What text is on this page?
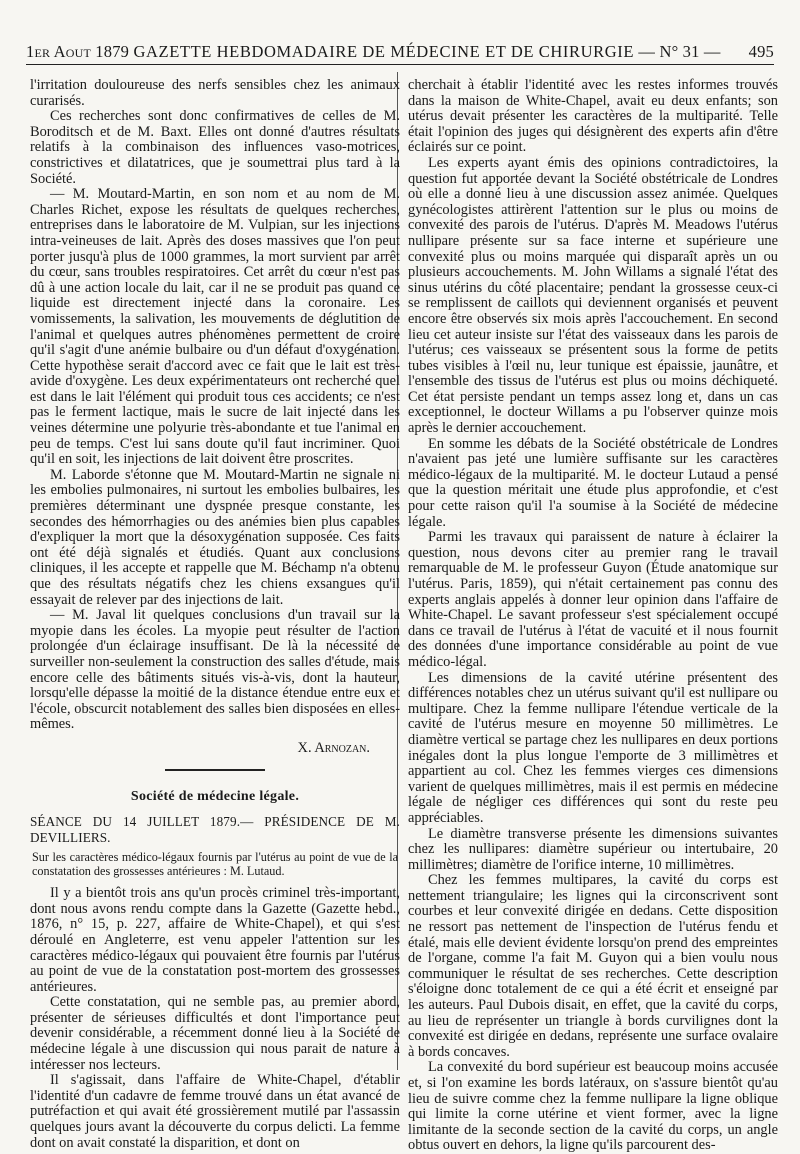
1er Aout 1879 GAZETTE HEBDOMADAIRE DE MÉDECINE ET DE CHIRURGIE — N° 31 — 495

l'irritation douloureuse des nerfs sensibles chez les animaux curarisés.

Ces recherches sont donc confirmatives de celles de M. Boroditsch et de M. Baxt. Elles ont donné d'autres résultats relatifs à la combinaison des influences vaso-motrices, constrictives et dilatatrices, que je soumettrai plus tard à la Société.

— M. Moutard-Martin, en son nom et au nom de M. Charles Richet, expose les résultats de quelques recherches, entreprises dans le laboratoire de M. Vulpian, sur les injections intra-veineuses de lait. Après des doses massives que l'on peut porter jusqu'à plus de 1000 grammes, la mort survient par arrêt du cœur, sans troubles respiratoires. Cet arrêt du cœur n'est pas dû à une action locale du lait, car il ne se produit pas quand ce liquide est directement injecté dans la coronaire. Les vomissements, la salivation, les mouvements de déglutition de l'animal et quelques autres phénomènes permettent de croire qu'il s'agit d'une anémie bulbaire ou d'un défaut d'oxygénation. Cette hypothèse serait d'accord avec ce fait que le lait est très-avide d'oxygène. Les deux expérimentateurs ont recherché quel est dans le lait l'élément qui produit tous ces accidents; ce n'est pas le ferment lactique, mais le sucre de lait injecté dans les veines détermine une polyurie très-abondante et tue l'animal en peu de temps. C'est lui sans doute qu'il faut incriminer. Quoi qu'il en soit, les injections de lait doivent être proscrites.

M. Laborde s'étonne que M. Moutard-Martin ne signale ni les embolies pulmonaires, ni surtout les embolies bulbaires, les premières déterminant une dyspnée presque constante, les secondes des hémorrhagies ou des anémies bien plus capables d'expliquer la mort que la désoxygénation supposée. Ces faits ont été déjà signalés et étudiés. Quant aux conclusions cliniques, il les accepte et rappelle que M. Béchamp n'a obtenu que des résultats négatifs chez les chiens exsangues qu'il essayait de relever par des injections de lait.

— M. Javal lit quelques conclusions d'un travail sur la myopie dans les écoles. La myopie peut résulter de l'action prolongée d'un éclairage insuffisant. De là la nécessité de surveiller non-seulement la construction des salles d'étude, mais encore celle des bâtiments situés vis-à-vis, dont la hauteur, lorsqu'elle dépasse la moitié de la distance étendue entre eux et l'école, obscurcit notablement des salles bien disposées en elles-mêmes.

X. Arnozan.

Société de médecine légale.

SÉANCE DU 14 JUILLET 1879.— PRÉSIDENCE DE M. DEVILLIERS.

Sur les caractères médico-légaux fournis par l'utérus au point de vue de la constatation des grossesses antérieures : M. Lutaud.

Il y a bientôt trois ans qu'un procès criminel très-important, dont nous avons rendu compte dans la Gazette (Gazette hebd., 1876, n° 15, p. 227, affaire de White-Chapel), et qui s'est déroulé en Angleterre, est venu appeler l'attention sur les caractères médico-légaux qui pouvaient être fournis par l'utérus au point de vue de la constatation post-mortem des grossesses antérieures.

Cette constatation, qui ne semble pas, au premier abord, présenter de sérieuses difficultés et dont l'importance peut devenir considérable, a récemment donné lieu à la Société de médecine légale à une discussion qui nous parait de nature à intéresser nos lecteurs.

Il s'agissait, dans l'affaire de White-Chapel, d'établir l'identité d'un cadavre de femme trouvé dans un état avancé de putréfaction et qui avait été grossièrement mutilé par l'assassin quelques jours avant la découverte du corpus delicti. La femme dont on avait constaté la disparition, et dont on

cherchait à établir l'identité avec les restes informes trouvés dans la maison de White-Chapel, avait eu deux enfants; son utérus devait présenter les caractères de la multiparité. Telle était l'opinion des juges qui désignèrent des experts afin d'être éclairés sur ce point.

Les experts ayant émis des opinions contradictoires, la question fut apportée devant la Société obstétricale de Londres où elle a donné lieu à une discussion assez animée. Quelques gynécologistes attirèrent l'attention sur le plus ou moins de convexité des parois de l'utérus. D'après M. Meadows l'utérus nullipare présente sur sa face interne et supérieure une convexité plus ou moins marquée qui disparaît après un ou plusieurs accouchements. M. John Willams a signalé l'état des sinus utérins du côté placentaire; pendant la grossesse ceux-ci se remplissent de caillots qui deviennent organisés et peuvent encore être observés six mois après l'accouchement. En second lieu cet auteur insiste sur l'état des vaisseaux dans les parois de l'utérus; ces vaisseaux se présentent sous la forme de petits tubes visibles à l'œil nu, leur tunique est épaissie, jaunâtre, et l'ensemble des tissus de l'utérus est plus ou moins déchiqueté. Cet état persiste pendant un temps assez long et, dans un cas exceptionnel, le docteur Willams a pu l'observer quinze mois après le dernier accouchement.

En somme les débats de la Société obstétricale de Londres n'avaient pas jeté une lumière suffisante sur les caractères médico-légaux de la multiparité. M. le docteur Lutaud a pensé que la question méritait une étude plus approfondie, et c'est pour cette raison qu'il l'a soumise à la Société de médecine légale.

Parmi les travaux qui paraissent de nature à éclairer la question, nous devons citer au premier rang le travail remarquable de M. le professeur Guyon (Étude anatomique sur l'utérus. Paris, 1859), qui n'était certainement pas connu des experts anglais appelés à donner leur opinion dans l'affaire de White-Chapel. Le savant professeur s'est spécialement occupé dans ce travail de l'utérus à l'état de vacuité et il nous fournit des données d'une importance considérable au point de vue médico-légal.

Les dimensions de la cavité utérine présentent des différences notables chez un utérus suivant qu'il est nullipare ou multipare. Chez la femme nullipare l'étendue verticale de la cavité de l'utérus mesure en moyenne 50 millimètres. Le diamètre vertical se partage chez les nullipares en deux portions inégales dont la plus longue l'emporte de 3 millimètres et appartient au col. Chez les femmes vierges ces dimensions varient de quelques millimètres, mais il est permis en médecine légale de négliger ces différences qui sont du reste peu appréciables.

Le diamètre transverse présente les dimensions suivantes chez les nullipares: diamètre supérieur ou intertubaire, 20 millimètres; diamètre de l'orifice interne, 10 millimètres.

Chez les femmes multipares, la cavité du corps est nettement triangulaire; les lignes qui la circonscrivent sont courbes et leur convexité dirigée en dedans. Cette disposition ne ressort pas nettement de l'inspection de l'utérus fendu et étalé, mais elle devient évidente lorsqu'on prend des empreintes de l'organe, comme l'a fait M. Guyon qui a bien voulu nous communiquer le résultat de ses recherches. Cette description s'éloigne donc totalement de ce qui a été écrit et enseigné par les auteurs. Paul Dubois disait, en effet, que la cavité du corps, au lieu de représenter un triangle à bords curvilignes dont la convexité est dirigée en dedans, représente une surface ovalaire à bords concaves.

La convexité du bord supérieur est beaucoup moins accusée et, si l'on examine les bords latéraux, on s'assure bientôt qu'au lieu de suivre comme chez la femme nullipare la ligne oblique qui limite la corne utérine et vient former, avec la ligne limitante de la seconde section de la cavité du corps, un angle obtus ouvert en dehors, la ligne qu'ils parcourent des-
